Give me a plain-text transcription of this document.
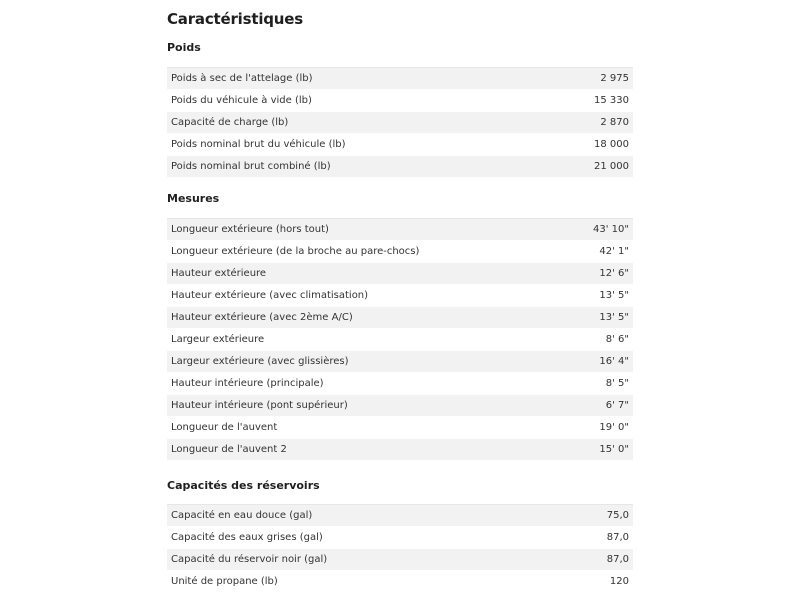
Caractéristiques
Poids
Poids à sec de l'attelage (lb)	2 975
Poids du véhicule à vide (lb)	15 330
Capacité de charge (lb)	2 870
Poids nominal brut du véhicule (lb)	18 000
Poids nominal brut combiné (lb)	21 000
Mesures
Longueur extérieure (hors tout)	43' 10"
Longueur extérieure (de la broche au pare-chocs)	42' 1"
Hauteur extérieure	12' 6"
Hauteur extérieure (avec climatisation)	13' 5"
Hauteur extérieure (avec 2ème A/C)	13' 5"
Largeur extérieure	8' 6"
Largeur extérieure (avec glissières)	16' 4"
Hauteur intérieure (principale)	8' 5"
Hauteur intérieure (pont supérieur)	6' 7"
Longueur de l'auvent	19' 0"
Longueur de l'auvent 2	15' 0"
Capacités des réservoirs
Capacité en eau douce (gal)	75,0
Capacité des eaux grises (gal)	87,0
Capacité du réservoir noir (gal)	87,0
Unité de propane (lb)	120
